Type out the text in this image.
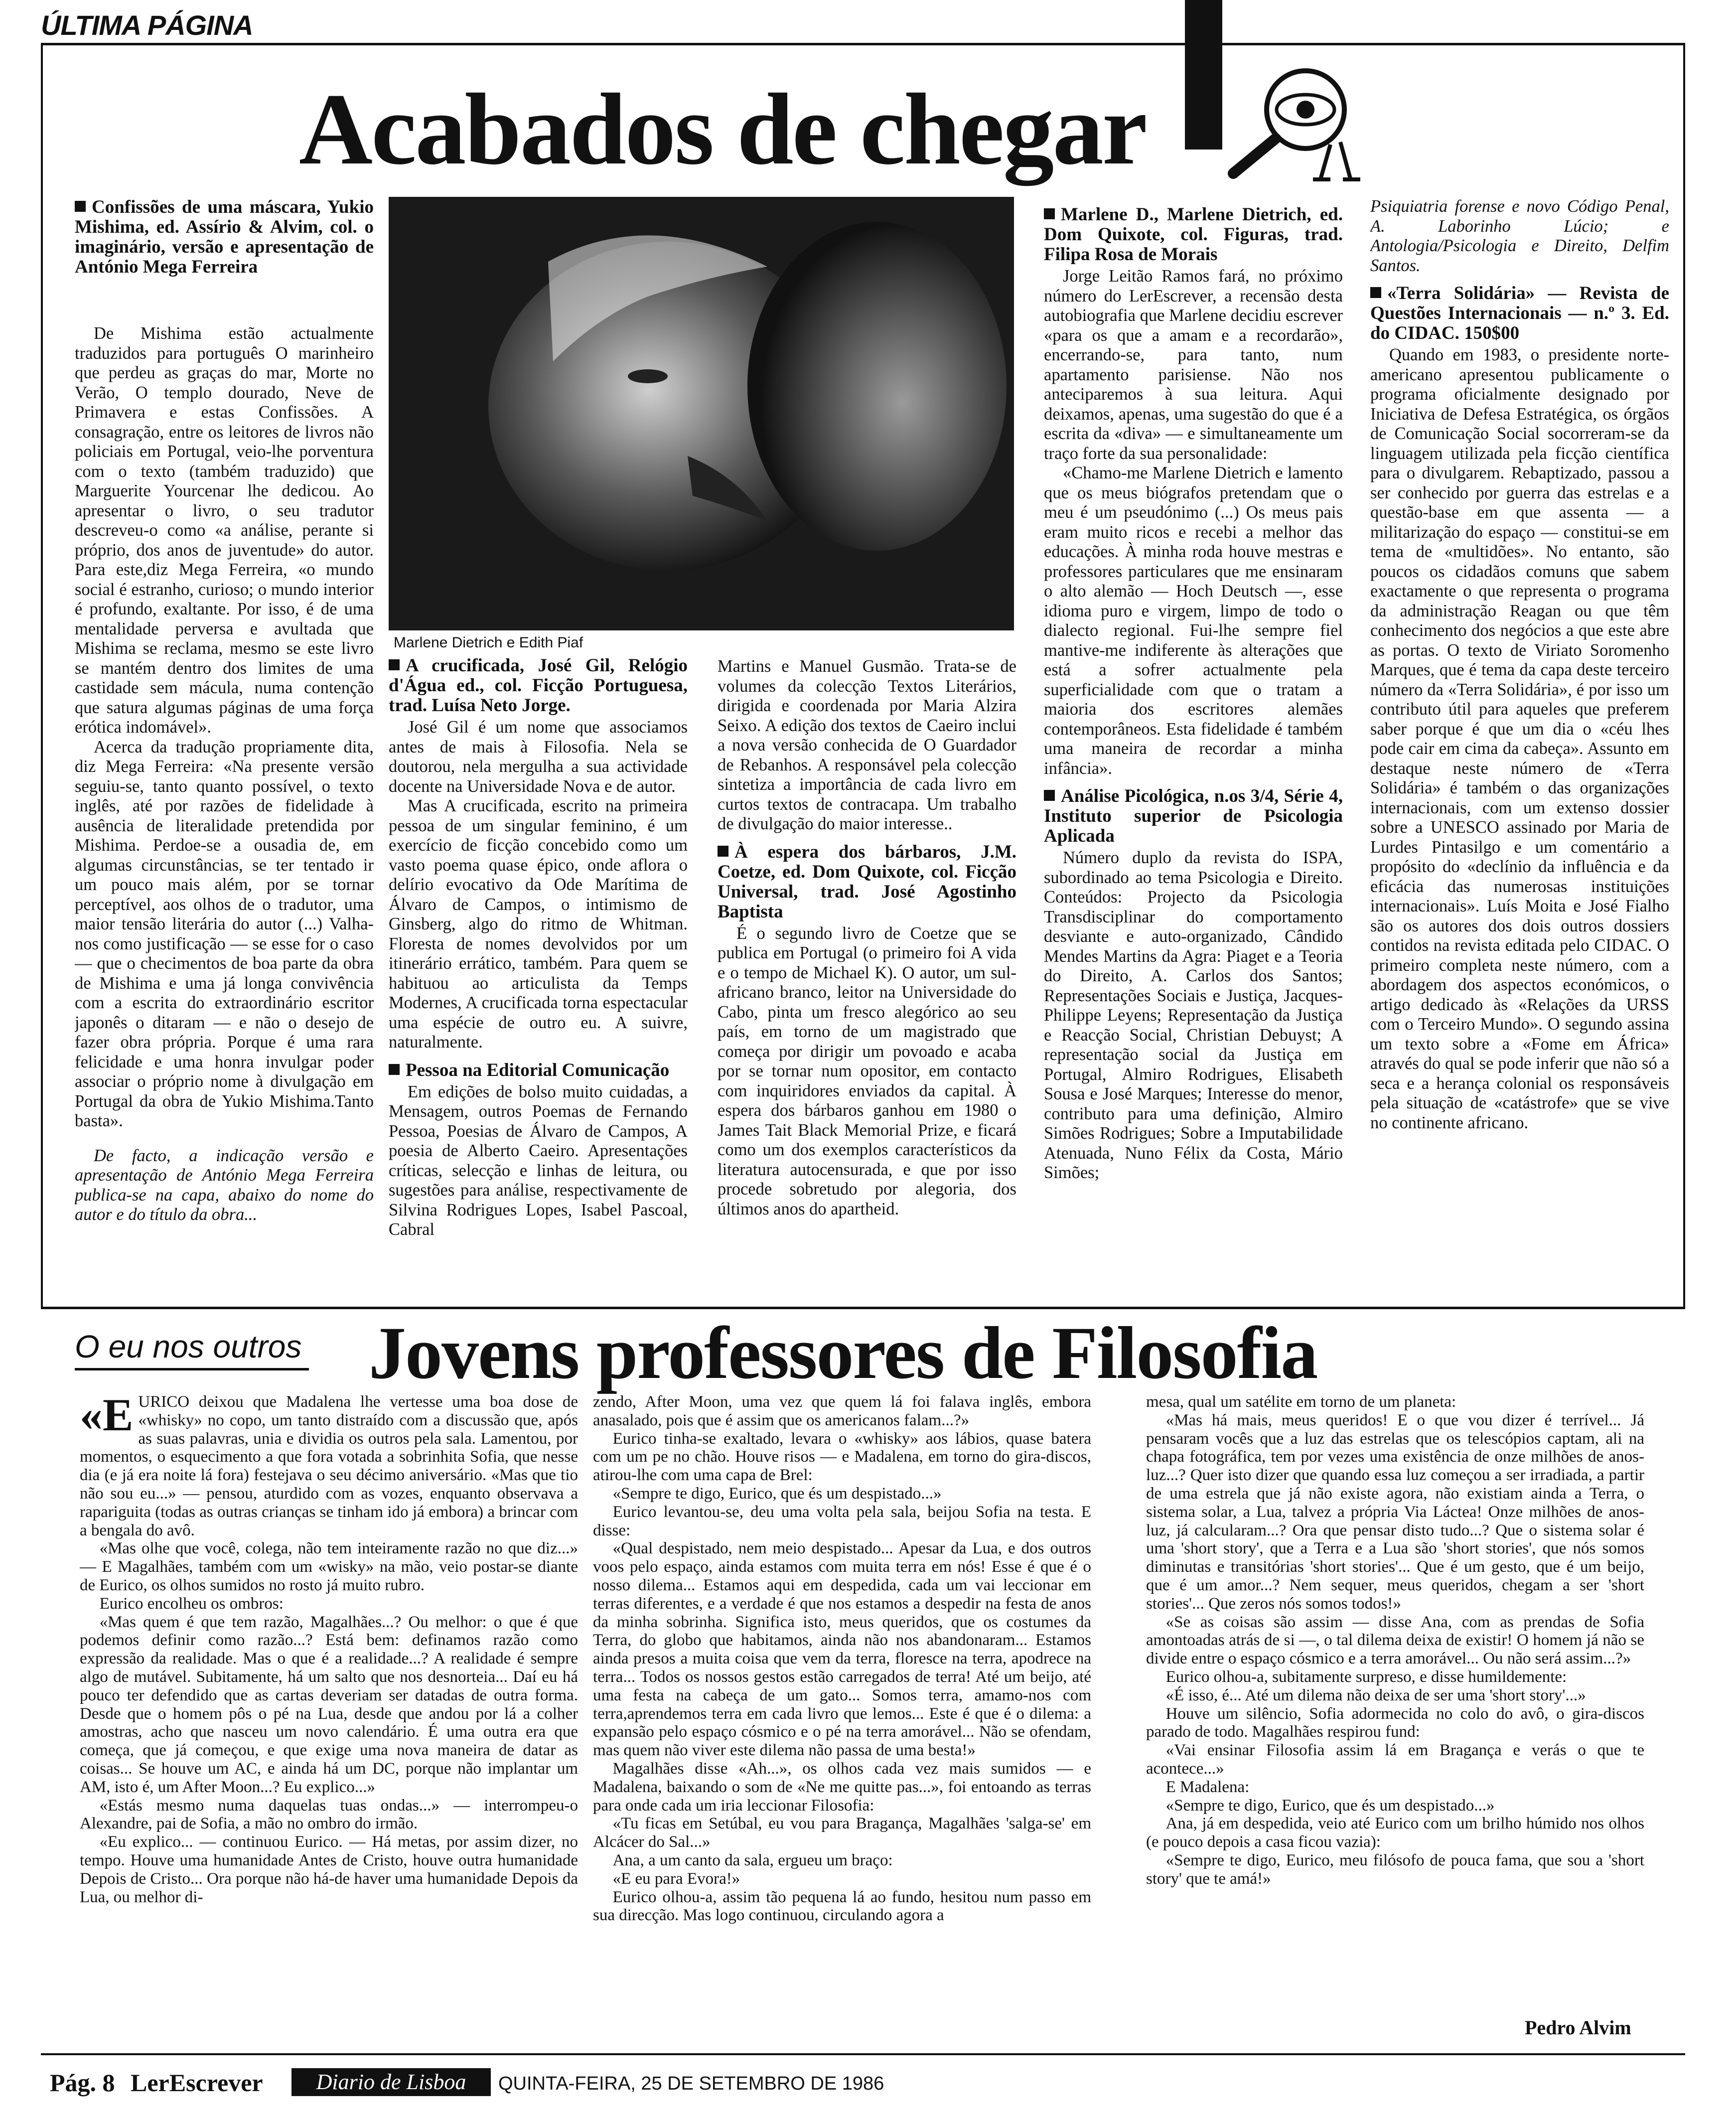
ÚLTIMA PÁGINA
Acabados de chegar
Marlene Dietrich e Edith Piaf

Confissões de uma máscara, Yukio Mishima, ed. Assírio & Alvim, col. o imaginário, versão e apresentação de António Mega Ferreira

De Mishima estão actualmente traduzidos para português O marinheiro que perdeu as graças do mar, Morte no Verão, O templo dourado, Neve de Primavera e estas Confissões. A consagração, entre os leitores de livros não policiais em Portugal, veio-lhe porventura com o texto (também traduzido) que Marguerite Yourcenar lhe dedicou. Ao apresentar o livro, o seu tradutor descreveu-o como «a análise, perante si próprio, dos anos de juventude» do autor. Para este,diz Mega Ferreira, «o mundo social é estranho, curioso; o mundo interior é profundo, exaltante. Por isso, é de uma mentalidade perversa e avultada que Mishima se reclama, mesmo se este livro se mantém dentro dos limites de uma castidade sem mácula, numa contenção que satura algumas páginas de uma força erótica indomável».

Acerca da tradução propriamente dita, diz Mega Ferreira: «Na presente versão seguiu-se, tanto quanto possível, o texto inglês, até por razões de fidelidade à ausência de literalidade pretendida por Mishima. Perdoe-se a ousadia de, em algumas circunstâncias, se ter tentado ir um pouco mais além, por se tornar perceptível, aos olhos de o tradutor, uma maior tensão literária do autor (...) Valha-nos como justificação — se esse for o caso — que o checimentos de boa parte da obra de Mishima e uma já longa convivência com a escrita do extraordinário escritor japonês o ditaram — e não o desejo de fazer obra própria. Porque é uma rara felicidade e uma honra invulgar poder associar o próprio nome à divulgação em Portugal da obra de Yukio Mishima.Tanto basta».

De facto, a indicação versão e apresentação de António Mega Ferreira publica-se na capa, abaixo do nome do autor e do título da obra...

A crucificada, José Gil, Relógio d'Água ed., col. Ficção Portuguesa, trad. Luísa Neto Jorge.

José Gil é um nome que associamos antes de mais à Filosofia. Nela se doutorou, nela mergulha a sua actividade docente na Universidade Nova e de autor.

Mas A crucificada, escrito na primeira pessoa de um singular feminino, é um exercício de ficção concebido como um vasto poema quase épico, onde aflora o delírio evocativo da Ode Marítima de Álvaro de Campos, o intimismo de Ginsberg, algo do ritmo de Whitman. Floresta de nomes devolvidos por um itinerário errático, também. Para quem se habituou ao articulista da Temps Modernes, A crucificada torna espectacular uma espécie de outro eu. A suivre, naturalmente.

Pessoa na Editorial Comunicação

Em edições de bolso muito cuidadas, a Mensagem, outros Poemas de Fernando Pessoa, Poesias de Álvaro de Campos, A poesia de Alberto Caeiro. Apresentações críticas, selecção e linhas de leitura, ou sugestões para análise, respectivamente de Silvina Rodrigues Lopes, Isabel Pascoal, Cabral

Martins e Manuel Gusmão. Trata-se de volumes da colecção Textos Literários, dirigida e coordenada por Maria Alzira Seixo. A edição dos textos de Caeiro inclui a nova versão conhecida de O Guardador de Rebanhos. A responsável pela colecção sintetiza a importância de cada livro em curtos textos de contracapa. Um trabalho de divulgação do maior interesse..

À espera dos bárbaros, J.M. Coetze, ed. Dom Quixote, col. Ficção Universal, trad. José Agostinho Baptista

É o segundo livro de Coetze que se publica em Portugal (o primeiro foi A vida e o tempo de Michael K). O autor, um sul-africano branco, leitor na Universidade do Cabo, pinta um fresco alegórico ao seu país, em torno de um magistrado que começa por dirigir um povoado e acaba por se tornar num opositor, em contacto com inquiridores enviados da capital. À espera dos bárbaros ganhou em 1980 o James Tait Black Memorial Prize, e ficará como um dos exemplos característicos da literatura autocensurada, e que por isso procede sobretudo por alegoria, dos últimos anos do apartheid.

Marlene D., Marlene Dietrich, ed. Dom Quixote, col. Figuras, trad. Filipa Rosa de Morais

Jorge Leitão Ramos fará, no próximo número do LerEscrever, a recensão desta autobiografia que Marlene decidiu escrever «para os que a amam e a recordarão», encerrando-se, para tanto, num apartamento parisiense. Não nos anteciparemos à sua leitura. Aqui deixamos, apenas, uma sugestão do que é a escrita da «diva» — e simultaneamente um traço forte da sua personalidade:

«Chamo-me Marlene Dietrich e lamento que os meus biógrafos pretendam que o meu é um pseudónimo (...) Os meus pais eram muito ricos e recebi a melhor das educações. À minha roda houve mestras e professores particulares que me ensinaram o alto alemão — Hoch Deutsch —, esse idioma puro e virgem, limpo de todo o dialecto regional. Fui-lhe sempre fiel mantive-me indiferente às alterações que está a sofrer actualmente pela superficialidade com que o tratam a maioria dos escritores alemães contemporâneos. Esta fidelidade é também uma maneira de recordar a minha infância».

Análise Picológica, n.os 3/4, Série 4, Instituto superior de Psicologia Aplicada

Número duplo da revista do ISPA, subordinado ao tema Psicologia e Direito. Conteúdos: Projecto da Psicologia Transdisciplinar do comportamento desviante e auto-organizado, Cândido Mendes Martins da Agra: Piaget e a Teoria do Direito, A. Carlos dos Santos; Representações Sociais e Justiça, Jacques-Philippe Leyens; Representação da Justiça e Reacção Social, Christian Debuyst; A representação social da Justiça em Portugal, Almiro Rodrigues, Elisabeth Sousa e José Marques; Interesse do menor, contributo para uma definição, Almiro Simões Rodrigues; Sobre a Imputabilidade Atenuada, Nuno Félix da Costa, Mário Simões;

Psiquiatria forense e novo Código Penal, A. Laborinho Lúcio; e Antologia/Psicologia e Direito, Delfim Santos.

«Terra Solidária» — Revista de Questões Internacionais — n.º 3. Ed. do CIDAC. 150$00

Quando em 1983, o presidente norte-americano apresentou publicamente o programa oficialmente designado por Iniciativa de Defesa Estratégica, os órgãos de Comunicação Social socorreram-se da linguagem utilizada pela ficção científica para o divulgarem. Rebaptizado, passou a ser conhecido por guerra das estrelas e a questão-base em que assenta — a militarização do espaço — constitui-se em tema de «multidões». No entanto, são poucos os cidadãos comuns que sabem exactamente o que representa o programa da administração Reagan ou que têm conhecimento dos negócios a que este abre as portas. O texto de Viriato Soromenho Marques, que é tema da capa deste terceiro número da «Terra Solidária», é por isso um contributo útil para aqueles que preferem saber porque é que um dia o «céu lhes pode cair em cima da cabeça». Assunto em destaque neste número de «Terra Solidária» é também o das organizações internacionais, com um extenso dossier sobre a UNESCO assinado por Maria de Lurdes Pintasilgo e um comentário a propósito do «declínio da influência e da eficácia das numerosas instituições internacionais». Luís Moita e José Fialho são os autores dos dois outros dossiers contidos na revista editada pelo CIDAC. O primeiro completa neste número, com a abordagem dos aspectos económicos, o artigo dedicado às «Relações da URSS com o Terceiro Mundo». O segundo assina um texto sobre a «Fome em África» através do qual se pode inferir que não só a seca e a herança colonial os responsáveis pela situação de «catástrofe» que se vive no continente africano.

O eu nos outros Jovens professores de Filosofia

«EURICO deixou que Madalena lhe vertesse uma boa dose de «whisky» no copo, um tanto distraído com a discussão que, após as suas palavras, unia e dividia os outros pela sala. Lamentou, por momentos, o esquecimento a que fora votada a sobrinhita Sofia, que nesse dia (e já era noite lá fora) festejava o seu décimo aniversário. «Mas que tio não sou eu...» — pensou, aturdido com as vozes, enquanto observava a rapariguita (todas as outras crianças se tinham ido já embora) a brincar com a bengala do avô.

«Mas olhe que você, colega, não tem inteiramente razão no que diz...» — E Magalhães, também com um «wisky» na mão, veio postar-se diante de Eurico, os olhos sumidos no rosto já muito rubro.

Eurico encolheu os ombros:

«Mas quem é que tem razão, Magalhães...? Ou melhor: o que é que podemos definir como razão...? Está bem: definamos razão como expressão da realidade. Mas o que é a realidade...? A realidade é sempre algo de mutável. Subitamente, há um salto que nos desnorteia... Daí eu há pouco ter defendido que as cartas deveriam ser datadas de outra forma. Desde que o homem pôs o pé na Lua, desde que andou por lá a colher amostras, acho que nasceu um novo calendário. É uma outra era que começa, que já começou, e que exige uma nova maneira de datar as coisas... Se houve um AC, e ainda há um DC, porque não implantar um AM, isto é, um After Moon...? Eu explico...»

«Estás mesmo numa daquelas tuas ondas...» — interrompeu-o Alexandre, pai de Sofia, a mão no ombro do irmão.

«Eu explico... — continuou Eurico. — Há metas, por assim dizer, no tempo. Houve uma humanidade Antes de Cristo, houve outra humanidade Depois de Cristo... Ora porque não há-de haver uma humanidade Depois da Lua, ou melhor di-

zendo, After Moon, uma vez que quem lá foi falava inglês, embora anasalado, pois que é assim que os americanos falam...?»

Eurico tinha-se exaltado, levara o «whisky» aos lábios, quase batera com um pe no chão. Houve risos — e Madalena, em torno do gira-discos, atirou-lhe com uma capa de Brel:

«Sempre te digo, Eurico, que és um despistado...»

Eurico levantou-se, deu uma volta pela sala, beijou Sofia na testa. E disse:

«Qual despistado, nem meio despistado... Apesar da Lua, e dos outros voos pelo espaço, ainda estamos com muita terra em nós! Esse é que é o nosso dilema... Estamos aqui em despedida, cada um vai leccionar em terras diferentes, e a verdade é que nos estamos a despedir na festa de anos da minha sobrinha. Significa isto, meus queridos, que os costumes da Terra, do globo que habitamos, ainda não nos abandonaram... Estamos ainda presos a muita coisa que vem da terra, floresce na terra, apodrece na terra... Todos os nossos gestos estão carregados de terra! Até um beijo, até uma festa na cabeça de um gato... Somos terra, amamo-nos com terra,aprendemos terra em cada livro que lemos... Este é que é o dilema: a expansão pelo espaço cósmico e o pé na terra amorável... Não se ofendam, mas quem não viver este dilema não passa de uma besta!»

Magalhães disse «Ah...», os olhos cada vez mais sumidos — e Madalena, baixando o som de «Ne me quitte pas...», foi entoando as terras para onde cada um iria leccionar Filosofia:

«Tu ficas em Setúbal, eu vou para Bragança, Magalhães 'salga-se' em Alcácer do Sal...»

Ana, a um canto da sala, ergueu um braço:

«E eu para Evora!»

Eurico olhou-a, assim tão pequena lá ao fundo, hesitou num passo em sua direcção. Mas logo continuou, circulando agora a

mesa, qual um satélite em torno de um planeta:

«Mas há mais, meus queridos! E o que vou dizer é terrível... Já pensaram vocês que a luz das estrelas que os telescópios captam, ali na chapa fotográfica, tem por vezes uma existência de onze milhões de anos-luz...? Quer isto dizer que quando essa luz começou a ser irradiada, a partir de uma estrela que já não existe agora, não existiam ainda a Terra, o sistema solar, a Lua, talvez a própria Via Láctea! Onze milhões de anos-luz, já calcularam...? Ora que pensar disto tudo...? Que o sistema solar é uma 'short story', que a Terra e a Lua são 'short stories', que nós somos diminutas e transitórias 'short stories'... Que é um gesto, que é um beijo, que é um amor...? Nem sequer, meus queridos, chegam a ser 'short stories'... Que zeros nós somos todos!»

«Se as coisas são assim — disse Ana, com as prendas de Sofia amontoadas atrás de si —, o tal dilema deixa de existir! O homem já não se divide entre o espaço cósmico e a terra amorável... Ou não será assim...?»

Eurico olhou-a, subitamente surpreso, e disse humildemente:

«É isso, é... Até um dilema não deixa de ser uma 'short story'...»

Houve um silêncio, Sofia adormecida no colo do avô, o gira-discos parado de todo. Magalhães respirou fund:

«Vai ensinar Filosofia assim lá em Bragança e verás o que te acontece...»

E Madalena:

«Sempre te digo, Eurico, que és um despistado...»

Ana, já em despedida, veio até Eurico com um brilho húmido nos olhos (e pouco depois a casa ficou vazia):

«Sempre te digo, Eurico, meu filósofo de pouca fama, que sou a 'short story' que te amá!»

Pedro Alvim
Pág. 8 LerEscrever	Diario de Lisboa	QUINTA-FEIRA, 25 DE SETEMBRO DE 1986
